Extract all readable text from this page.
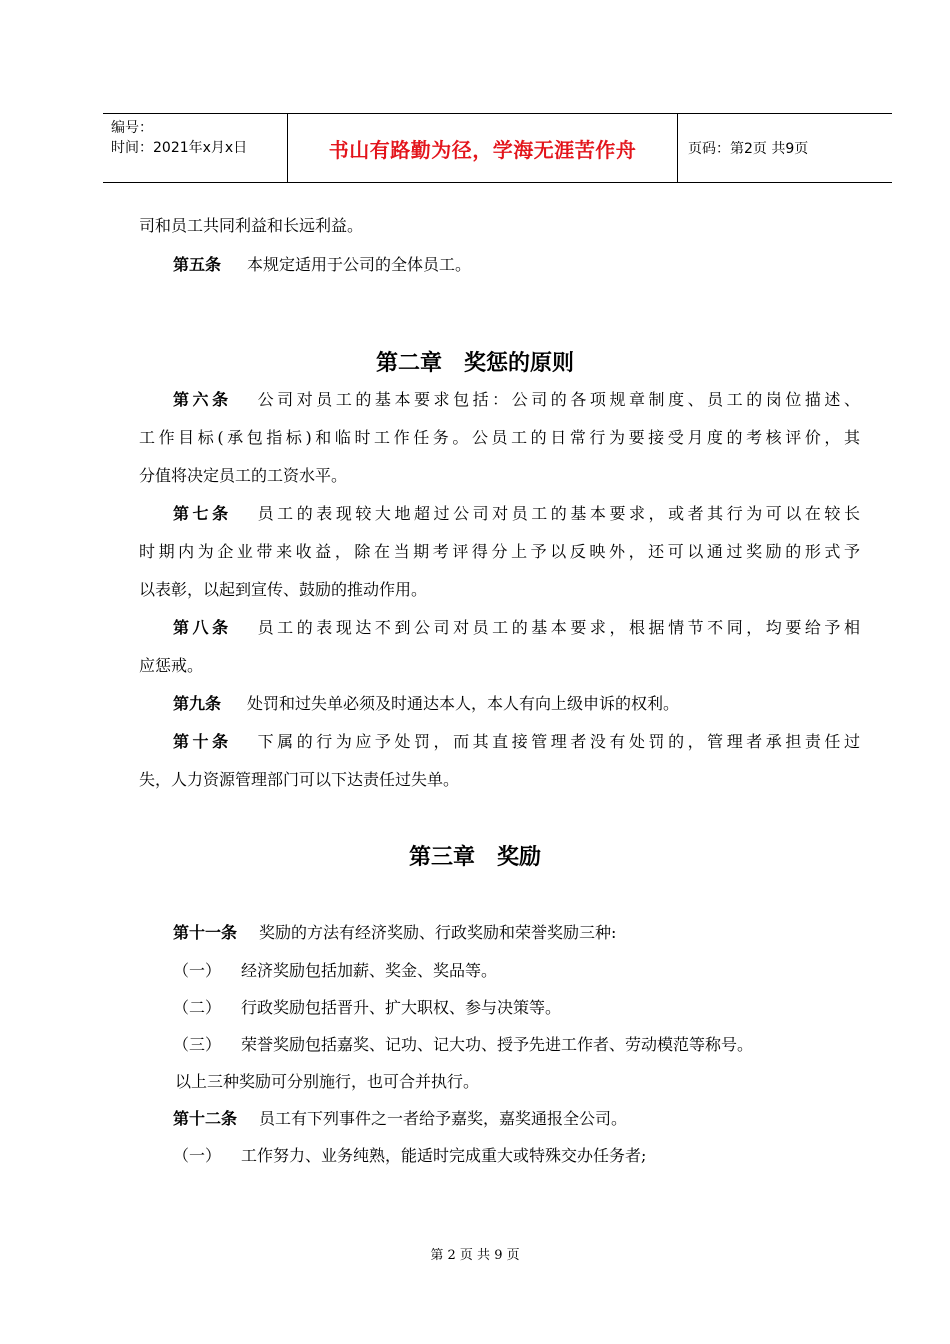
编号：
时间：2021年x月x日	书山有路勤为径，学海无涯苦作舟	页码：第2页 共9页
司和员工共同利益和长远利益。
第五条 本规定适用于公司的全体员工。
第二章　奖惩的原则
第六条 公司对员工的基本要求包括：公司的各项规章制度、员工的岗位描述、
工作目标(承包指标)和临时工作任务。公员工的日常行为要接受月度的考核评价，其
分值将决定员工的工资水平。
第七条 员工的表现较大地超过公司对员工的基本要求，或者其行为可以在较长
时期内为企业带来收益，除在当期考评得分上予以反映外，还可以通过奖励的形式予
以表彰，以起到宣传、鼓励的推动作用。
第八条 员工的表现达不到公司对员工的基本要求，根据情节不同，均要给予相
应惩戒。
第九条 处罚和过失单必须及时通达本人，本人有向上级申诉的权利。
第十条 下属的行为应予处罚，而其直接管理者没有处罚的，管理者承担责任过
失，人力资源管理部门可以下达责任过失单。
第三章　奖励
第十一条 奖励的方法有经济奖励、行政奖励和荣誉奖励三种:
（一） 经济奖励包括加薪、奖金、奖品等。
（二） 行政奖励包括晋升、扩大职权、参与决策等。
（三） 荣誉奖励包括嘉奖、记功、记大功、授予先进工作者、劳动模范等称号。
以上三种奖励可分别施行，也可合并执行。
第十二条 员工有下列事件之一者给予嘉奖，嘉奖通报全公司。
（一） 工作努力、业务纯熟，能适时完成重大或特殊交办任务者;
第 2 页 共 9 页
